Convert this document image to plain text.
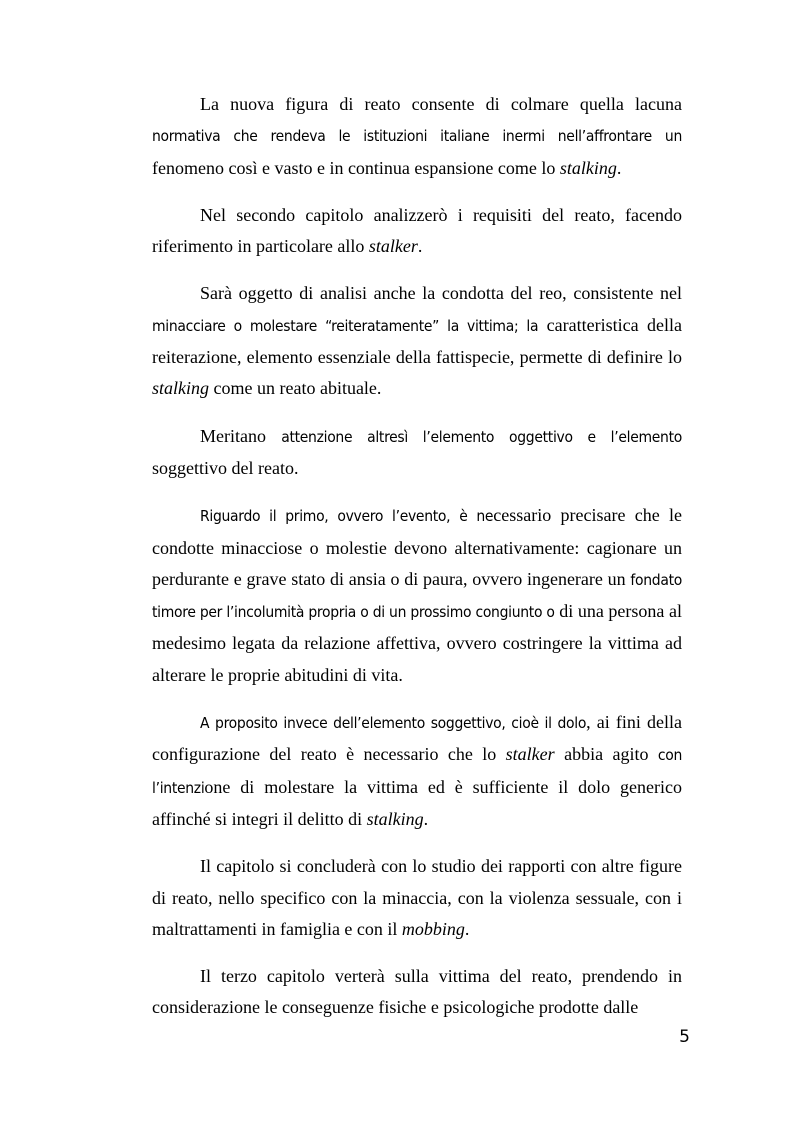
La nuova figura di reato consente di colmare quella lacuna normativa che rendeva le istituzioni italiane inermi nell’affrontare un fenomeno così e vasto e in continua espansione come lo stalking.

Nel secondo capitolo analizzerò i requisiti del reato, facendo riferimento in particolare allo stalker.

Sarà oggetto di analisi anche la condotta del reo, consistente nel minacciare o molestare “reiteratamente” la vittima; la caratteristica della reiterazione, elemento essenziale della fattispecie, permette di definire lo stalking come un reato abituale.

Meritano attenzione altresì l’elemento oggettivo e l’elemento soggettivo del reato.

Riguardo il primo, ovvero l’evento, è necessario precisare che le condotte minacciose o molestie devono alternativamente: cagionare un perdurante e grave stato di ansia o di paura, ovvero ingenerare un fondato timore per l’incolumità propria o di un prossimo congiunto o di una persona al medesimo legata da relazione affettiva, ovvero costringere la vittima ad alterare le proprie abitudini di vita.

A proposito invece dell’elemento soggettivo, cioè il dolo, ai fini della configurazione del reato è necessario che lo stalker abbia agito con l’intenzione di molestare la vittima ed è sufficiente il dolo generico affinché si integri il delitto di stalking.

Il capitolo si concluderà con lo studio dei rapporti con altre figure di reato, nello specifico con la minaccia, con la violenza sessuale, con i maltrattamenti in famiglia e con il mobbing.

Il terzo capitolo verterà sulla vittima del reato, prendendo in considerazione le conseguenze fisiche e psicologiche prodotte dalle

5
